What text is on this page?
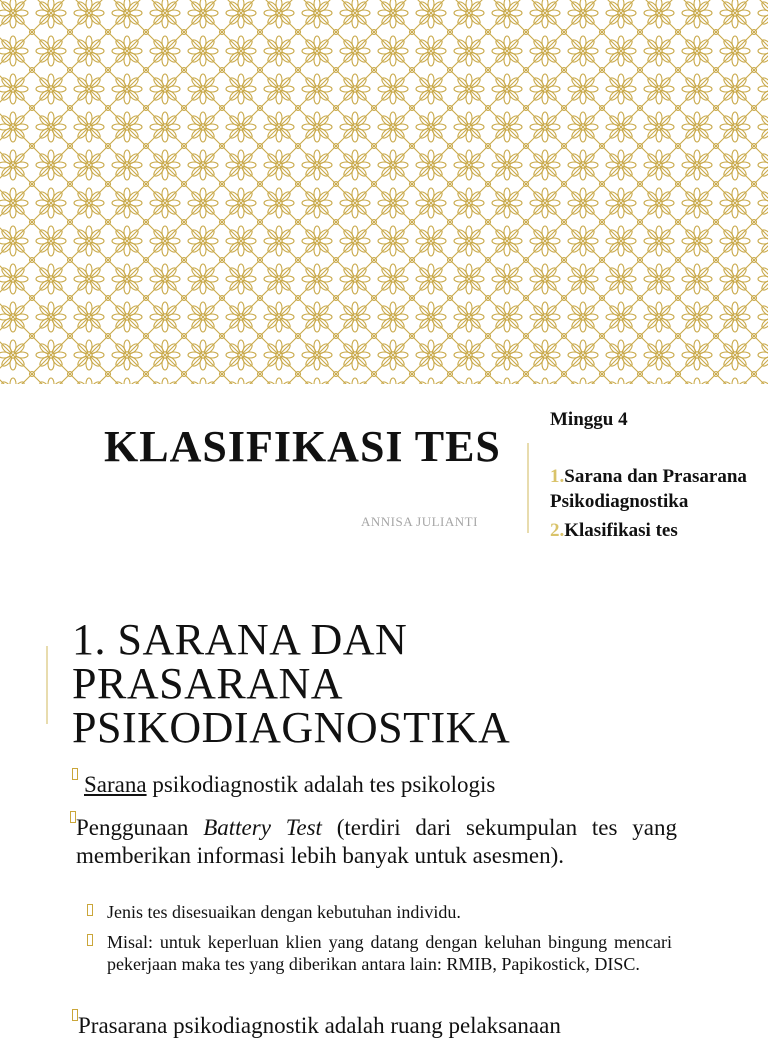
KLASIFIKASI TES
ANNISA JULIANTI
Minggu 4
1.Sarana dan Prasarana Psikodiagnostika
2.Klasifikasi tes
1. SARANA DAN
PRASARANA
PSIKODIAGNOSTIKA
Sarana psikodiagnostik adalah tes psikologis
Penggunaan Battery Test (terdiri dari sekumpulan tes yang memberikan informasi lebih banyak untuk asesmen).
Jenis tes disesuaikan dengan kebutuhan individu.
Misal: untuk keperluan klien yang datang dengan keluhan bingung mencari pekerjaan maka tes yang diberikan antara lain: RMIB, Papikostick, DISC.
Prasarana psikodiagnostik adalah ruang pelaksanaan
